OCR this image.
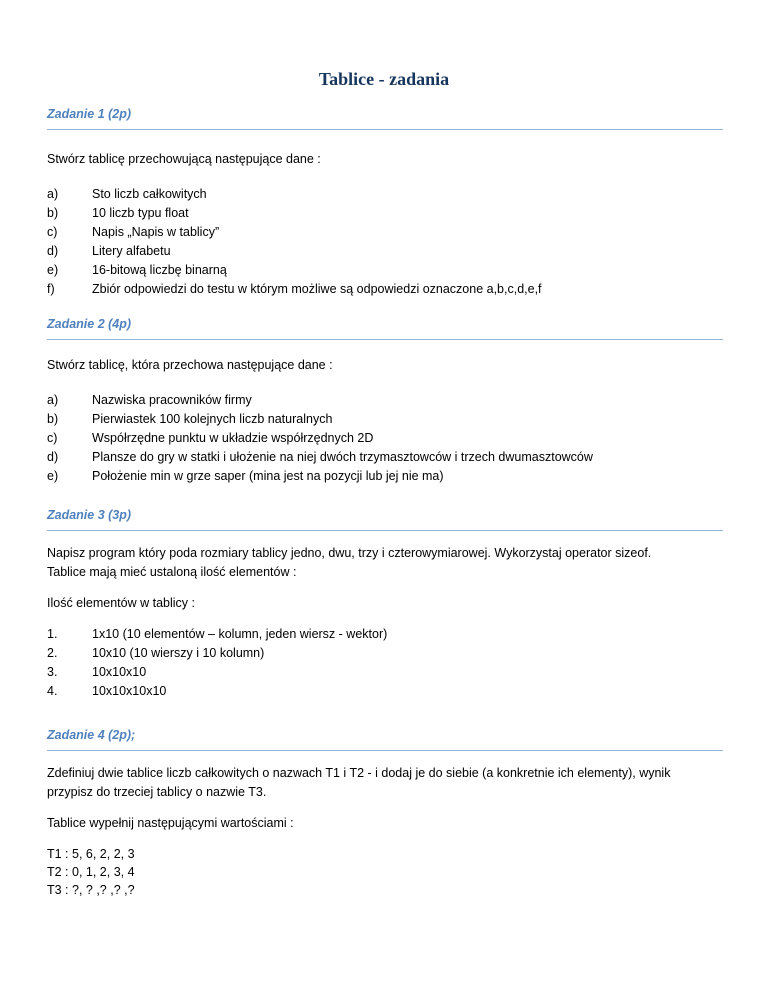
Tablice - zadania
Zadanie 1 (2p)

Stwórz tablicę przechowującą następujące dane :

a)	Sto liczb całkowitych
b)	10 liczb typu float
c)	Napis „Napis w tablicy”
d)	Litery alfabetu
e)	16-bitową liczbę binarną
f)	Zbiór odpowiedzi do testu w którym możliwe są odpowiedzi oznaczone a,b,c,d,e,f
Zadanie 2 (4p)

Stwórz tablicę, która przechowa następujące dane :

a)	Nazwiska pracowników firmy
b)	Pierwiastek 100 kolejnych liczb naturalnych
c)	Współrzędne punktu w układzie współrzędnych 2D
d)	Plansze do gry w statki i ułożenie na niej dwóch trzymasztowców i trzech dwumasztowców
e)	Położenie min w grze saper (mina jest na pozycji lub jej nie ma)
Zadanie 3 (3p)

Napisz program który poda rozmiary tablicy jedno, dwu, trzy i czterowymiarowej. Wykorzystaj operator sizeof.

Tablice mają mieć ustaloną ilość elementów :

Ilość elementów w tablicy :

1.	1x10 (10 elementów – kolumn, jeden wiersz - wektor)
2.	10x10 (10 wierszy i 10 kolumn)
3.	10x10x10
4.	10x10x10x10
Zadanie 4 (2p);

Zdefiniuj dwie tablice liczb całkowitych o nazwach T1 i T2 - i dodaj je do siebie (a konkretnie ich elementy), wynik

przypisz do trzeciej tablicy o nazwie T3.

Tablice wypełnij następującymi wartościami :

T1 : 5, 6, 2, 2, 3
T2 : 0, 1, 2, 3, 4
T3 : ?, ? ,? ,? ,?
